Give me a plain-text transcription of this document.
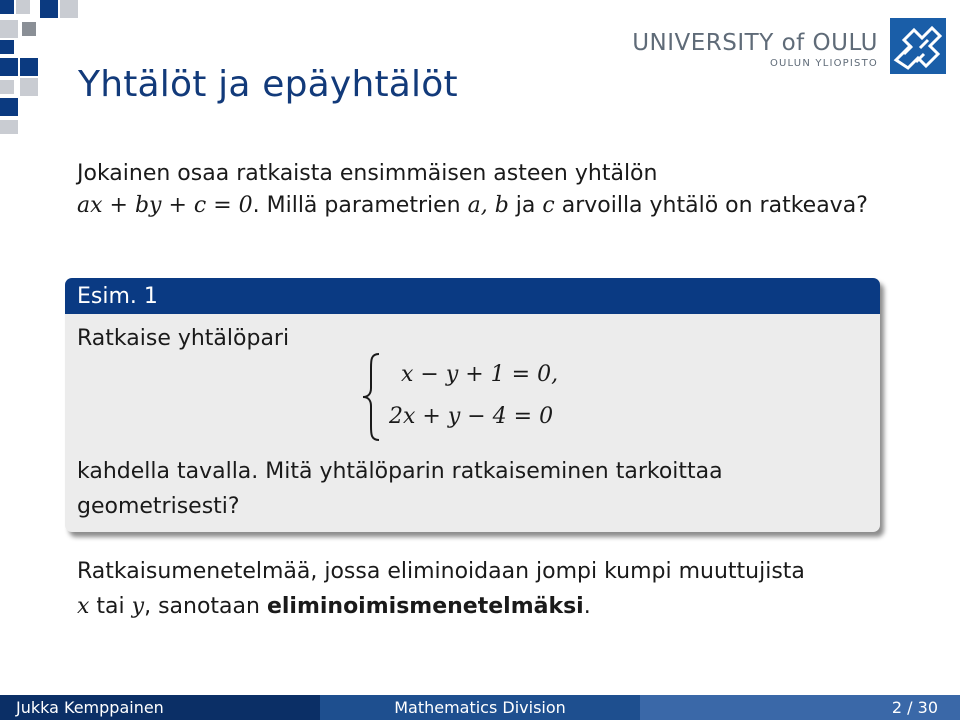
Yhtälöt ja epäyhtälöt
UNIVERSITY of OULU
OULUN YLIOPISTO

Jokainen osaa ratkaista ensimmäisen asteen yhtälön
ax + by + c = 0. Millä parametrien a, b ja c arvoilla yhtälö on ratkeava?

Esim. 1
Ratkaise yhtälöpari
x − y + 1 = 0,
2x + y − 4 = 0

kahdella tavalla. Mitä yhtälöparin ratkaiseminen tarkoittaa geometrisesti?

Ratkaisumenetelmää, jossa eliminoidaan jompi kumpi muuttujista
x tai y, sanotaan eliminoimismenetelmäksi.

Jukka Kemppainen	Mathematics Division	2 / 30
